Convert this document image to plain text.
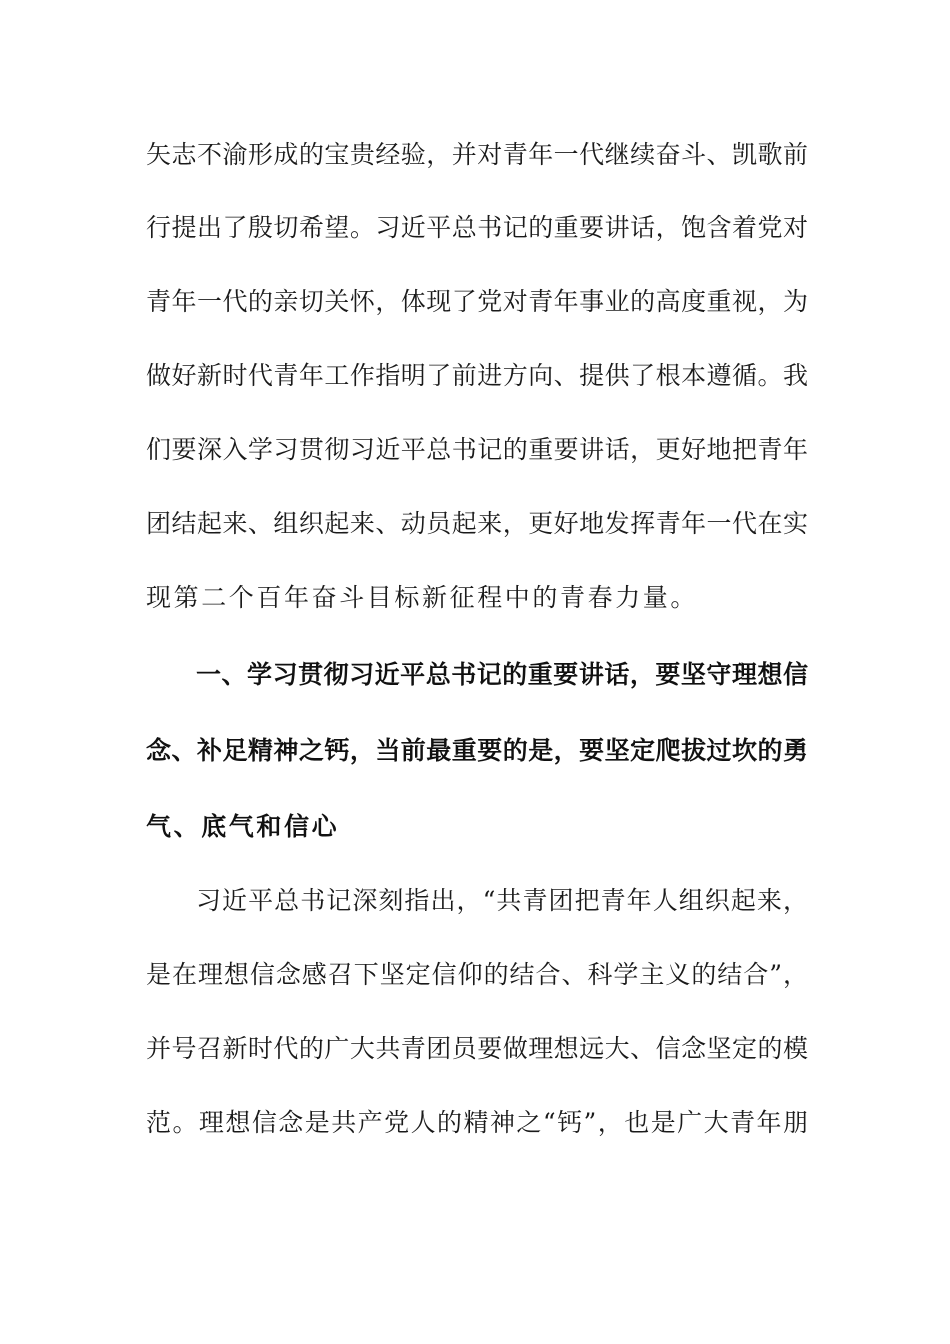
矢志不渝形成的宝贵经验，并对青年一代继续奋斗、凯歌前
行提出了殷切希望。习近平总书记的重要讲话，饱含着党对
青年一代的亲切关怀，体现了党对青年事业的高度重视，为
做好新时代青年工作指明了前进方向、提供了根本遵循。我
们要深入学习贯彻习近平总书记的重要讲话，更好地把青年
团结起来、组织起来、动员起来，更好地发挥青年一代在实
现第二个百年奋斗目标新征程中的青春力量。
一、学习贯彻习近平总书记的重要讲话，要坚守理想信
念、补足精神之钙，当前最重要的是，要坚定爬拔过坎的勇
气、底气和信心
习近平总书记深刻指出，“共青团把青年人组织起来，
是在理想信念感召下坚定信仰的结合、科学主义的结合”，
并号召新时代的广大共青团员要做理想远大、信念坚定的模
范。理想信念是共产党人的精神之“钙”，也是广大青年朋
